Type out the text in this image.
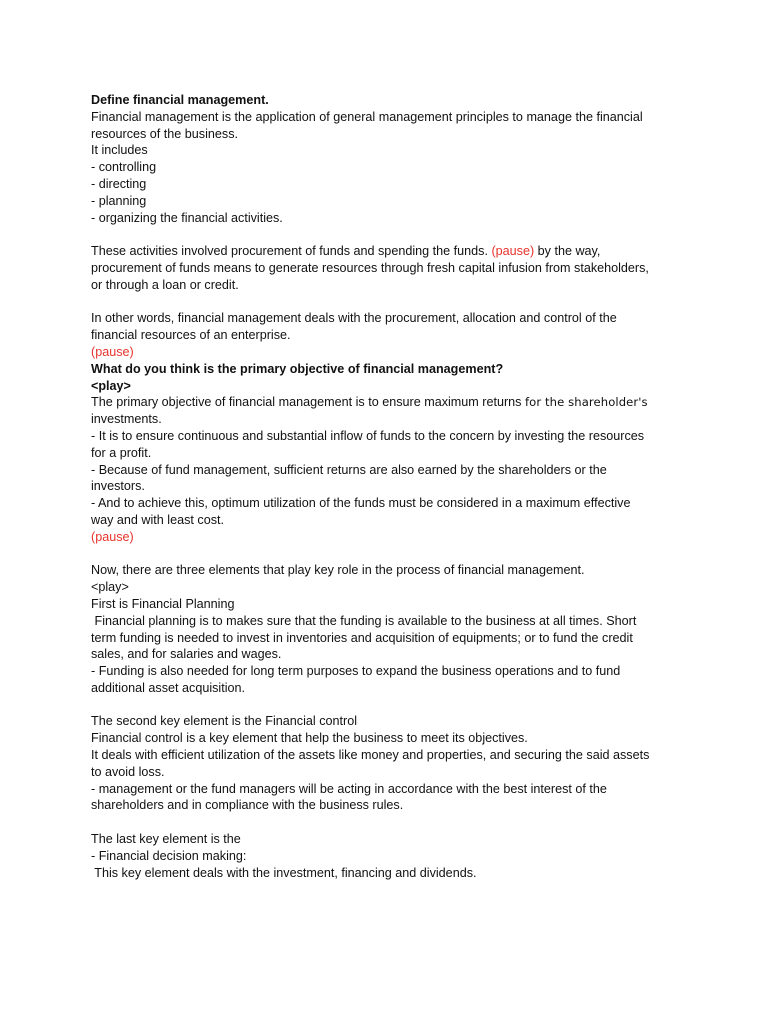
Define financial management.
Financial management is the application of general management principles to manage the financial
resources of the business.
It includes
- controlling
- directing
- planning
- organizing the financial activities.
These activities involved procurement of funds and spending the funds. (pause) by the way,
procurement of funds means to generate resources through fresh capital infusion from stakeholders,
or through a loan or credit.
In other words, financial management deals with the procurement, allocation and control of the
financial resources of an enterprise.
(pause)
What do you think is the primary objective of financial management?
<play>
The primary objective of financial management is to ensure maximum returns for the shareholder's
investments.
- It is to ensure continuous and substantial inflow of funds to the concern by investing the resources
for a profit.
- Because of fund management, sufficient returns are also earned by the shareholders or the
investors.
- And to achieve this, optimum utilization of the funds must be considered in a maximum effective
way and with least cost.
(pause)
Now, there are three elements that play key role in the process of financial management.
<play>
First is Financial Planning
Financial planning is to makes sure that the funding is available to the business at all times. Short
term funding is needed to invest in inventories and acquisition of equipments; or to fund the credit
sales, and for salaries and wages.
- Funding is also needed for long term purposes to expand the business operations and to fund
additional asset acquisition.
The second key element is the Financial control
Financial control is a key element that help the business to meet its objectives.
It deals with efficient utilization of the assets like money and properties, and securing the said assets
to avoid loss.
- management or the fund managers will be acting in accordance with the best interest of the
shareholders and in compliance with the business rules.
The last key element is the
- Financial decision making:
This key element deals with the investment, financing and dividends.
